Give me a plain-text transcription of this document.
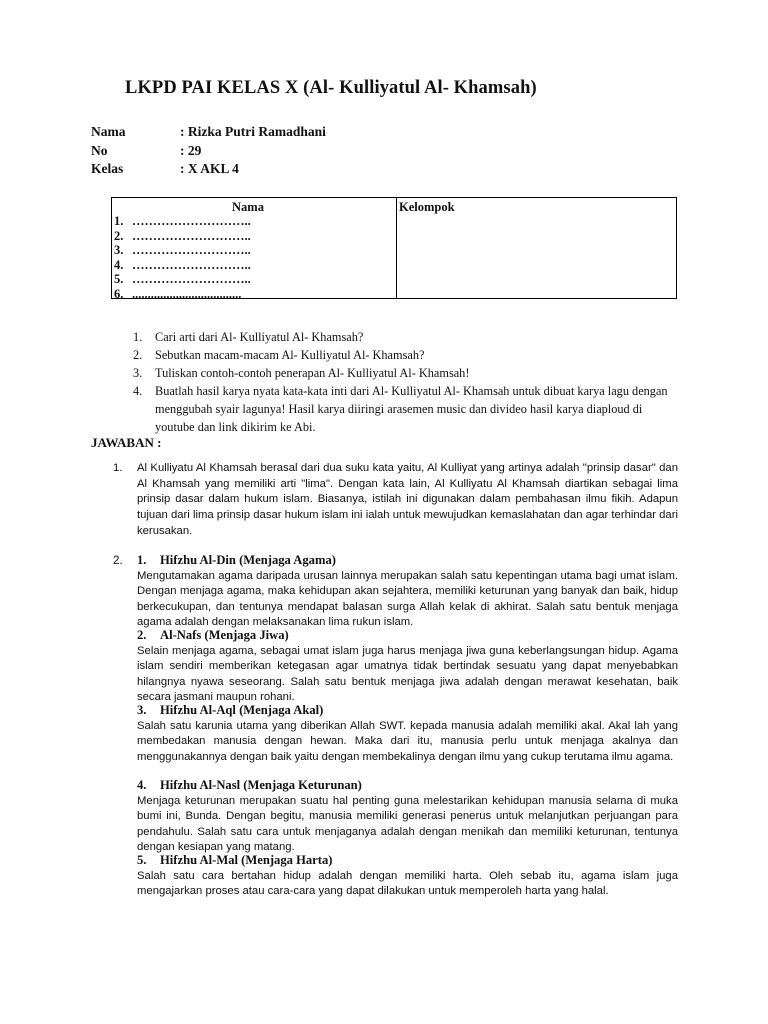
LKPD PAI KELAS X (Al- Kulliyatul Al- Khamsah)
Nama	: Rizka Putri Ramadhani
No	: 29
Kelas	: X AKL 4
Nama	Kelompok
1. ………………………..
2. ………………………..
3. ………………………..
4. ………………………..
5. ………………………..
6. ...................................
1. Cari arti dari Al- Kulliyatul Al- Khamsah?
2. Sebutkan macam-macam Al- Kulliyatul Al- Khamsah?
3. Tuliskan contoh-contoh penerapan Al- Kulliyatul Al- Khamsah!
4. Buatlah hasil karya nyata kata-kata inti dari Al- Kulliyatul Al- Khamsah untuk dibuat karya lagu dengan menggubah syair lagunya! Hasil karya diiringi arasemen music dan divideo hasil karya diaploud di youtube dan link dikirim ke Abi.
JAWABAN :
1. Al Kulliyatu Al Khamsah berasal dari dua suku kata yaitu, Al Kulliyat yang artinya adalah "prinsip dasar" dan Al Khamsah yang memiliki arti "lima". Dengan kata lain, Al Kulliyatu Al Khamsah diartikan sebagai lima prinsip dasar dalam hukum islam. Biasanya, istilah ini digunakan dalam pembahasan ilmu fikih. Adapun tujuan dari lima prinsip dasar hukum islam ini ialah untuk mewujudkan kemaslahatan dan agar terhindar dari kerusakan.
2. 1. Hifzhu Al-Din (Menjaga Agama)
Mengutamakan agama daripada urusan lainnya merupakan salah satu kepentingan utama bagi umat islam. Dengan menjaga agama, maka kehidupan akan sejahtera, memiliki keturunan yang banyak dan baik, hidup berkecukupan, dan tentunya mendapat balasan surga Allah kelak di akhirat. Salah satu bentuk menjaga agama adalah dengan melaksanakan lima rukun islam.
2. Al-Nafs (Menjaga Jiwa)
Selain menjaga agama, sebagai umat islam juga harus menjaga jiwa guna keberlangsungan hidup. Agama islam sendiri memberikan ketegasan agar umatnya tidak bertindak sesuatu yang dapat menyebabkan hilangnya nyawa seseorang. Salah satu bentuk menjaga jiwa adalah dengan merawat kesehatan, baik secara jasmani maupun rohani.
3. Hifzhu Al-Aql (Menjaga Akal)
Salah satu karunia utama yang diberikan Allah SWT. kepada manusia adalah memiliki akal. Akal lah yang membedakan manusia dengan hewan. Maka dari itu, manusia perlu untuk menjaga akalnya dan menggunakannya dengan baik yaitu dengan membekalinya dengan ilmu yang cukup terutama ilmu agama.
4. Hifzhu Al-Nasl (Menjaga Keturunan)
Menjaga keturunan merupakan suatu hal penting guna melestarikan kehidupan manusia selama di muka bumi ini, Bunda. Dengan begitu, manusia memiliki generasi penerus untuk melanjutkan perjuangan para pendahulu. Salah satu cara untuk menjaganya adalah dengan menikah dan memiliki keturunan, tentunya dengan kesiapan yang matang.
5. Hifzhu Al-Mal (Menjaga Harta)
Salah satu cara bertahan hidup adalah dengan memiliki harta. Oleh sebab itu, agama islam juga mengajarkan proses atau cara-cara yang dapat dilakukan untuk memperoleh harta yang halal.
